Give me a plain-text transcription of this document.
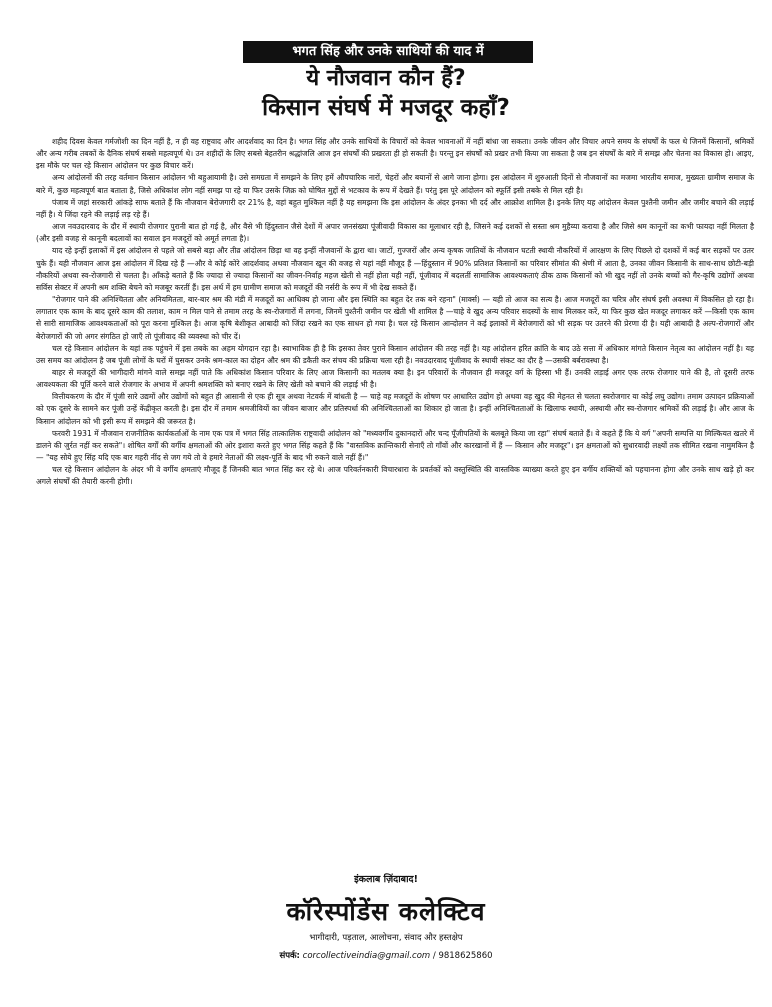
भगत सिंह और उनके साथियों की याद में
ये नौजवान कौन हैं?
किसान संघर्ष में मजदूर कहाँ?

शहीद दिवस केवल गर्मजोशी का दिन नहीं है, न ही वह राष्ट्रवाद और आदर्शवाद का दिन है। भगत सिंह और उनके साथियों के विचारों को केवल भावनाओं में नहीं बांधा जा सकता। उनके जीवन और विचार अपने समय के संघर्षों के फल थे जिनमें किसानों, श्रमिकों और अन्य गरीब तबकों के दैनिक संघर्ष सबसे महत्वपूर्ण थे। उन शहीदों के लिए सबसे बेहतरीन श्रद्धांजलि आज इन संघर्षों की प्रखरता ही हो सकती है। परन्तु इन संघर्षों को प्रखर तभी किया जा सकता है जब इन संघर्षों के बारे में समझ और चेतना का विकास हो। आइए, इस मौके पर चल रहे किसान आंदोलन पर कुछ विचार करें।

अन्य आंदोलनों की तरह वर्तमान किसान आंदोलन भी बहुआयामी है। उसे समग्रता में समझने के लिए हमें औपचारिक नारों, चेहरों और बयानों से आगे जाना होगा। इस आंदोलन में शुरुआती दिनों से नौजवानों का मजमा भारतीय समाज, मुख्यतः ग्रामीण समाज के बारे में, कुछ महत्वपूर्ण बात बताता है, जिसे अधिकांश लोग नहीं समझ पा रहे या फिर उसके जिक्र को घोषित मुद्दों से भटकाव के रूप में देखते हैं। परंतु इस पूरे आंदोलन को स्फूर्ति इसी तबके से मिल रही है।

पंजाब में जहां सरकारी आंकड़े साफ बताते हैं कि नौजवान बेरोजगारी दर 21% है, वहां बहुत मुश्किल नहीं है यह समझना कि इस आंदोलन के अंदर इनका भी दर्द और आक्रोश शामिल है। इनके लिए यह आंदोलन केवल पुश्तैनी जमीन और जमीर बचाने की लड़ाई नहीं है। ये जिंदा रहने की लड़ाई लड़ रहे हैं।

आज नवउदारवाद के दौर में स्थायी रोजगार पुरानी बात हो गई है, और वैसे भी हिंदुस्तान जैसे देशों में अपार जनसंख्या पूंजीवादी विकास का मूलाधार रही है, जिसने कई दशकों से सस्ता श्रम मुहैय्या कराया है और जिसे श्रम कानूनों का कभी फायदा नहीं मिलता है (और इसी वजह से कानूनी बदलावों का सवाल इन मजदूरों को अमूर्त लगता है)।

याद रहे इन्हीं इलाकों में इस आंदोलन से पहले जो सबसे बड़ा और तीव्र आंदोलन छिड़ा था वह इन्हीं नौजवानों के द्वारा था। जाटों, गुज्जरों और अन्य कृषक जातियों के नौजवान घटती स्थायी नौकरियों में आरक्षण के लिए पिछले दो दशकों में कई बार सड़कों पर उतर चुके हैं। यही नौजवान आज इस आंदोलन में दिख रहे हैं —और वे कोई कोरे आदर्शवाद अथवा नौजवान खून की वजह से यहां नहीं मौजूद हैं —हिंदुस्तान में 90% प्रतिशत किसानों का परिवार सीमांत की श्रेणी में आता है, उनका जीवन किसानी के साथ-साथ छोटी-बड़ी नौकरियों अथवा स्व-रोजगारी से चलता है। आँकड़े बताते हैं कि ज्यादा से ज्यादा किसानों का जीवन-निर्वाह महज खेती से नहीं होता यही नहीं, पूंजीवाद में बदलतीं सामाजिक आवश्यकताएं ठीक ठाक किसानों को भी खुद नहीं तो उनके बच्चों को गैर-कृषि उद्योगों अथवा सर्विस सेक्टर में अपनी श्रम शक्ति बेचने को मजबूर करतीं हैं। इस अर्थ में हम ग्रामीण समाज को मजदूरों की नर्सरी के रूप में भी देख सकते हैं।

"रोजगार पाने की अनिश्चितता और अनियमितता, बार-बार श्रम की मंडी में मजदूरों का आधिक्य हो जाना और इस स्थिति का बहुत देर तक बने रहना" (मार्क्स) — यही तो आज का सत्य है। आज मजदूरों का चरित्र और संघर्ष इसी अवस्था में विकसित हो रहा है। लगातार एक काम के बाद दूसरे काम की तलाश, काम न मिल पाने से तमाम तरह के स्व-रोजगारों में लगना, जिनमें पुश्तैनी जमीन पर खेती भी शामिल है —चाहे वे खुद अन्य परिवार सदस्यों के साथ मिलकर करें, या फिर कुछ खेत मजदूर लगाकर करें —किसी एक काम से सारी सामाजिक आवश्यकताओं को पूरा करना मुश्किल है। आज कृषि बेशीकृत आबादी को जिंदा रखने का एक साधन हो गया है। चल रहे किसान आन्दोलन ने कई इलाकों में बेरोजगारों को भी सड़क पर उतरने की प्रेरणा दी है। यही आबादी है अल्प-रोजगारों और बेरोजगारों की जो अगर संगठित हो जाएँ तो पूंजीवाद की व्यवस्था को चीर दें।

चल रहे किसान आंदोलन के यहां तक पहुंचने में इस तबके का अहम योगदान रहा है। स्वाभाविक ही है कि इसका तेवर पुराने किसान आंदोलन की तरह नहीं है। यह आंदोलन हरित क्रांति के बाद उठे सत्ता में अधिकार मांगते किसान नेतृत्व का आंदोलन नहीं है। यह उस समय का आंदोलन है जब पूंजी लोगों के घरों में घुसकर उनके श्रम-काल का दोहन और श्रम की डकैती कर संचय की प्रक्रिया चला रही है। नवउदारवाद पूंजीवाद के स्थायी संकट का दौर है —उसकी बर्बरावस्था है।

बाहर से मजदूरों की भागीदारी मांगने वाले समझ नहीं पाते कि अधिकांश किसान परिवार के लिए आज किसानी का मतलब क्या है। इन परिवारों के नौजवान ही मजदूर वर्ग के हिस्सा भी हैं। उनकी लड़ाई अगर एक तरफ रोजगार पाने की है, तो दूसरी तरफ आवश्यकता की पूर्ति करने वाले रोजगार के अभाव में अपनी श्रमशक्ति को बनाए रखने के लिए खेती को बचाने की लड़ाई भी है।

वित्तीयकरण के दौर में पूंजी सारे उद्यमों और उद्योगों को बहुत ही आसानी से एक ही सूत्र अथवा नेटवर्क में बांधती है — चाहे वह मजदूरों के शोषण पर आधारित उद्योग हो अथवा वह खुद की मेहनत से चलता स्वरोजगार या कोई लघु उद्योग। तमाम उत्पादन प्रक्रियाओं को एक दूसरे के सामने कर पूंजी उन्हें केंद्रीकृत करती है। इस दौर में तमाम श्रमजीवियों का जीवन बाजार और प्रतिस्पर्धा की अनिश्चितताओं का शिकार हो जाता है। इन्हीं अनिश्चितताओं के खिलाफ स्थायी, अस्थायी और स्व-रोजगार श्रमिकों की लड़ाई है। और आज के किसान आंदोलन को भी इसी रूप में समझने की जरूरत है।

फरवरी 1931 में नौजवान राजनीतिक कार्यकर्ताओं के नाम एक पत्र में भगत सिंह तात्कालिक राष्ट्रवादी आंदोलन को "मध्यवर्गीय दुकानदारों और चन्द पूँजीपतियों के बलबूते किया जा रहा" संघर्ष बताते हैं। वे कहते हैं कि ये वर्ग "अपनी सम्पत्ति या मिल्कियत खतरे में डालने की जुर्रत नहीं कर सकते"। शोषित वर्गों की वर्गीय क्षमताओं की ओर इशारा करते हुए भगत सिंह कहते हैं कि "वास्तविक क्रान्तिकारी सेनाएँ तो गाँवों और कारखानों में हैं — किसान और मजदूर"। इन क्षमताओं को सुधारवादी लक्ष्यों तक सीमित रखना नामुमकिन है — "यह सोये हुए सिंह यदि एक बार गहरी नींद से जग गये तो वे हमारे नेताओं की लक्ष्य-पूर्ति के बाद भी रुकने वाले नहीं हैं।"

चल रहे किसान आंदोलन के अंदर भी वे वर्गीय क्षमताएं मौजूद हैं जिनकी बात भगत सिंह कर रहे थे। आज परिवर्तनकारी विचारधारा के प्रवर्तकों को वस्तुस्थिति की वास्तविक व्याख्या करते हुए इन वर्गीय शक्तियों को पहचानना होगा और उनके साथ खड़े हो कर अगले संघर्षों की तैयारी करनी होगी।

इंकलाब ज़िंदाबाद!
कॉरेस्पोंडेंस कलेक्टिव
भागीदारी, पड़ताल, आलोचना, संवाद और हस्तक्षेप
संपर्क: corcollectiveindia@gmail.com / 9818625860
